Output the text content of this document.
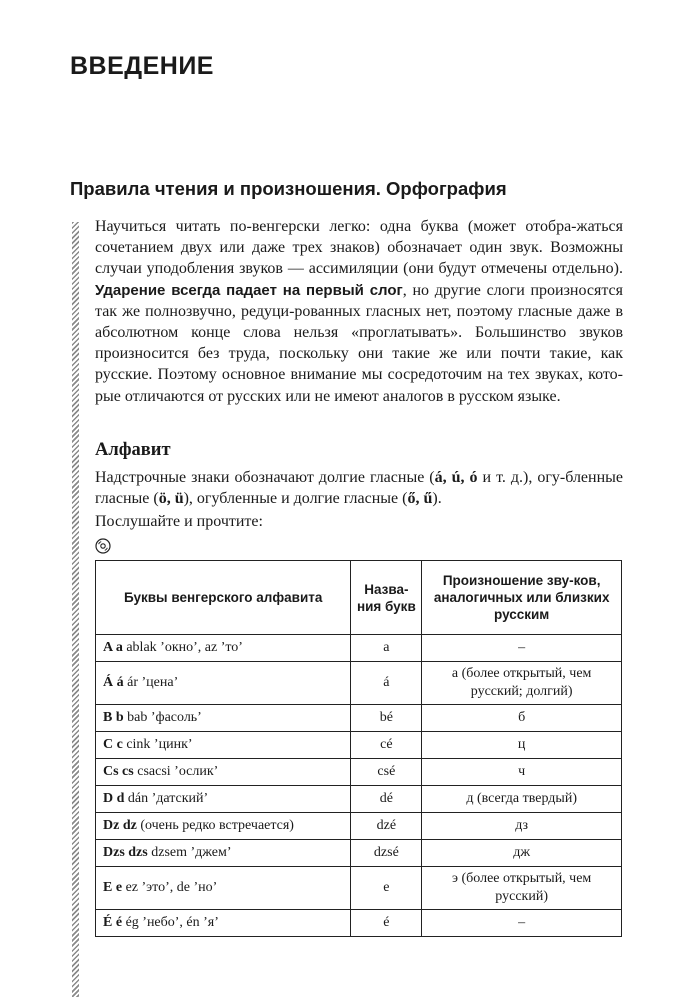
ВВЕДЕНИЕ
Правила чтения и произношения. Орфография

Научиться читать по-венгерски легко: одна буква (может отобра-жаться сочетанием двух или даже трех знаков) обозначает один звук. Возможны случаи уподобления звуков — ассимиляции (они будут отмечены отдельно). Ударение всегда падает на первый слог, но другие слоги произносятся так же полнозвучно, редуци-рованных гласных нет, поэтому гласные даже в абсолютном конце слова нельзя «проглатывать». Большинство звуков произносится без труда, поскольку они такие же или почти такие, как русские. Поэтому основное внимание мы сосредоточим на тех звуках, кото-рые отличаются от русских или не имеют аналогов в русском языке.

Алфавит

Надстрочные знаки обозначают долгие гласные (á, ú, ó и т. д.), огу-бленные гласные (ö, ü), огубленные и долгие гласные (ő, ű).

Послушайте и прочтите:
Буквы венгерского алфавита	Назва-ния букв	Произношение зву-ков, аналогичных или близких русским
A a ablak ’окно’, az ’то’	a	–
Á á ár ’цена’	á	а (более открытый, чем русский; долгий)
B b bab ’фасоль’	bé	б
C c cink ’цинк’	cé	ц
Cs cs csacsi ’ослик’	csé	ч
D d dán ’датский’	dé	д (всегда твердый)
Dz dz (очень редко встречается)	dzé	дз
Dzs dzs dzsem ’джем’	dzsé	дж
E e ez ’это’, de ’но’	e	э (более открытый, чем русский)
É é ég ’небо’, én ’я’	é	–
